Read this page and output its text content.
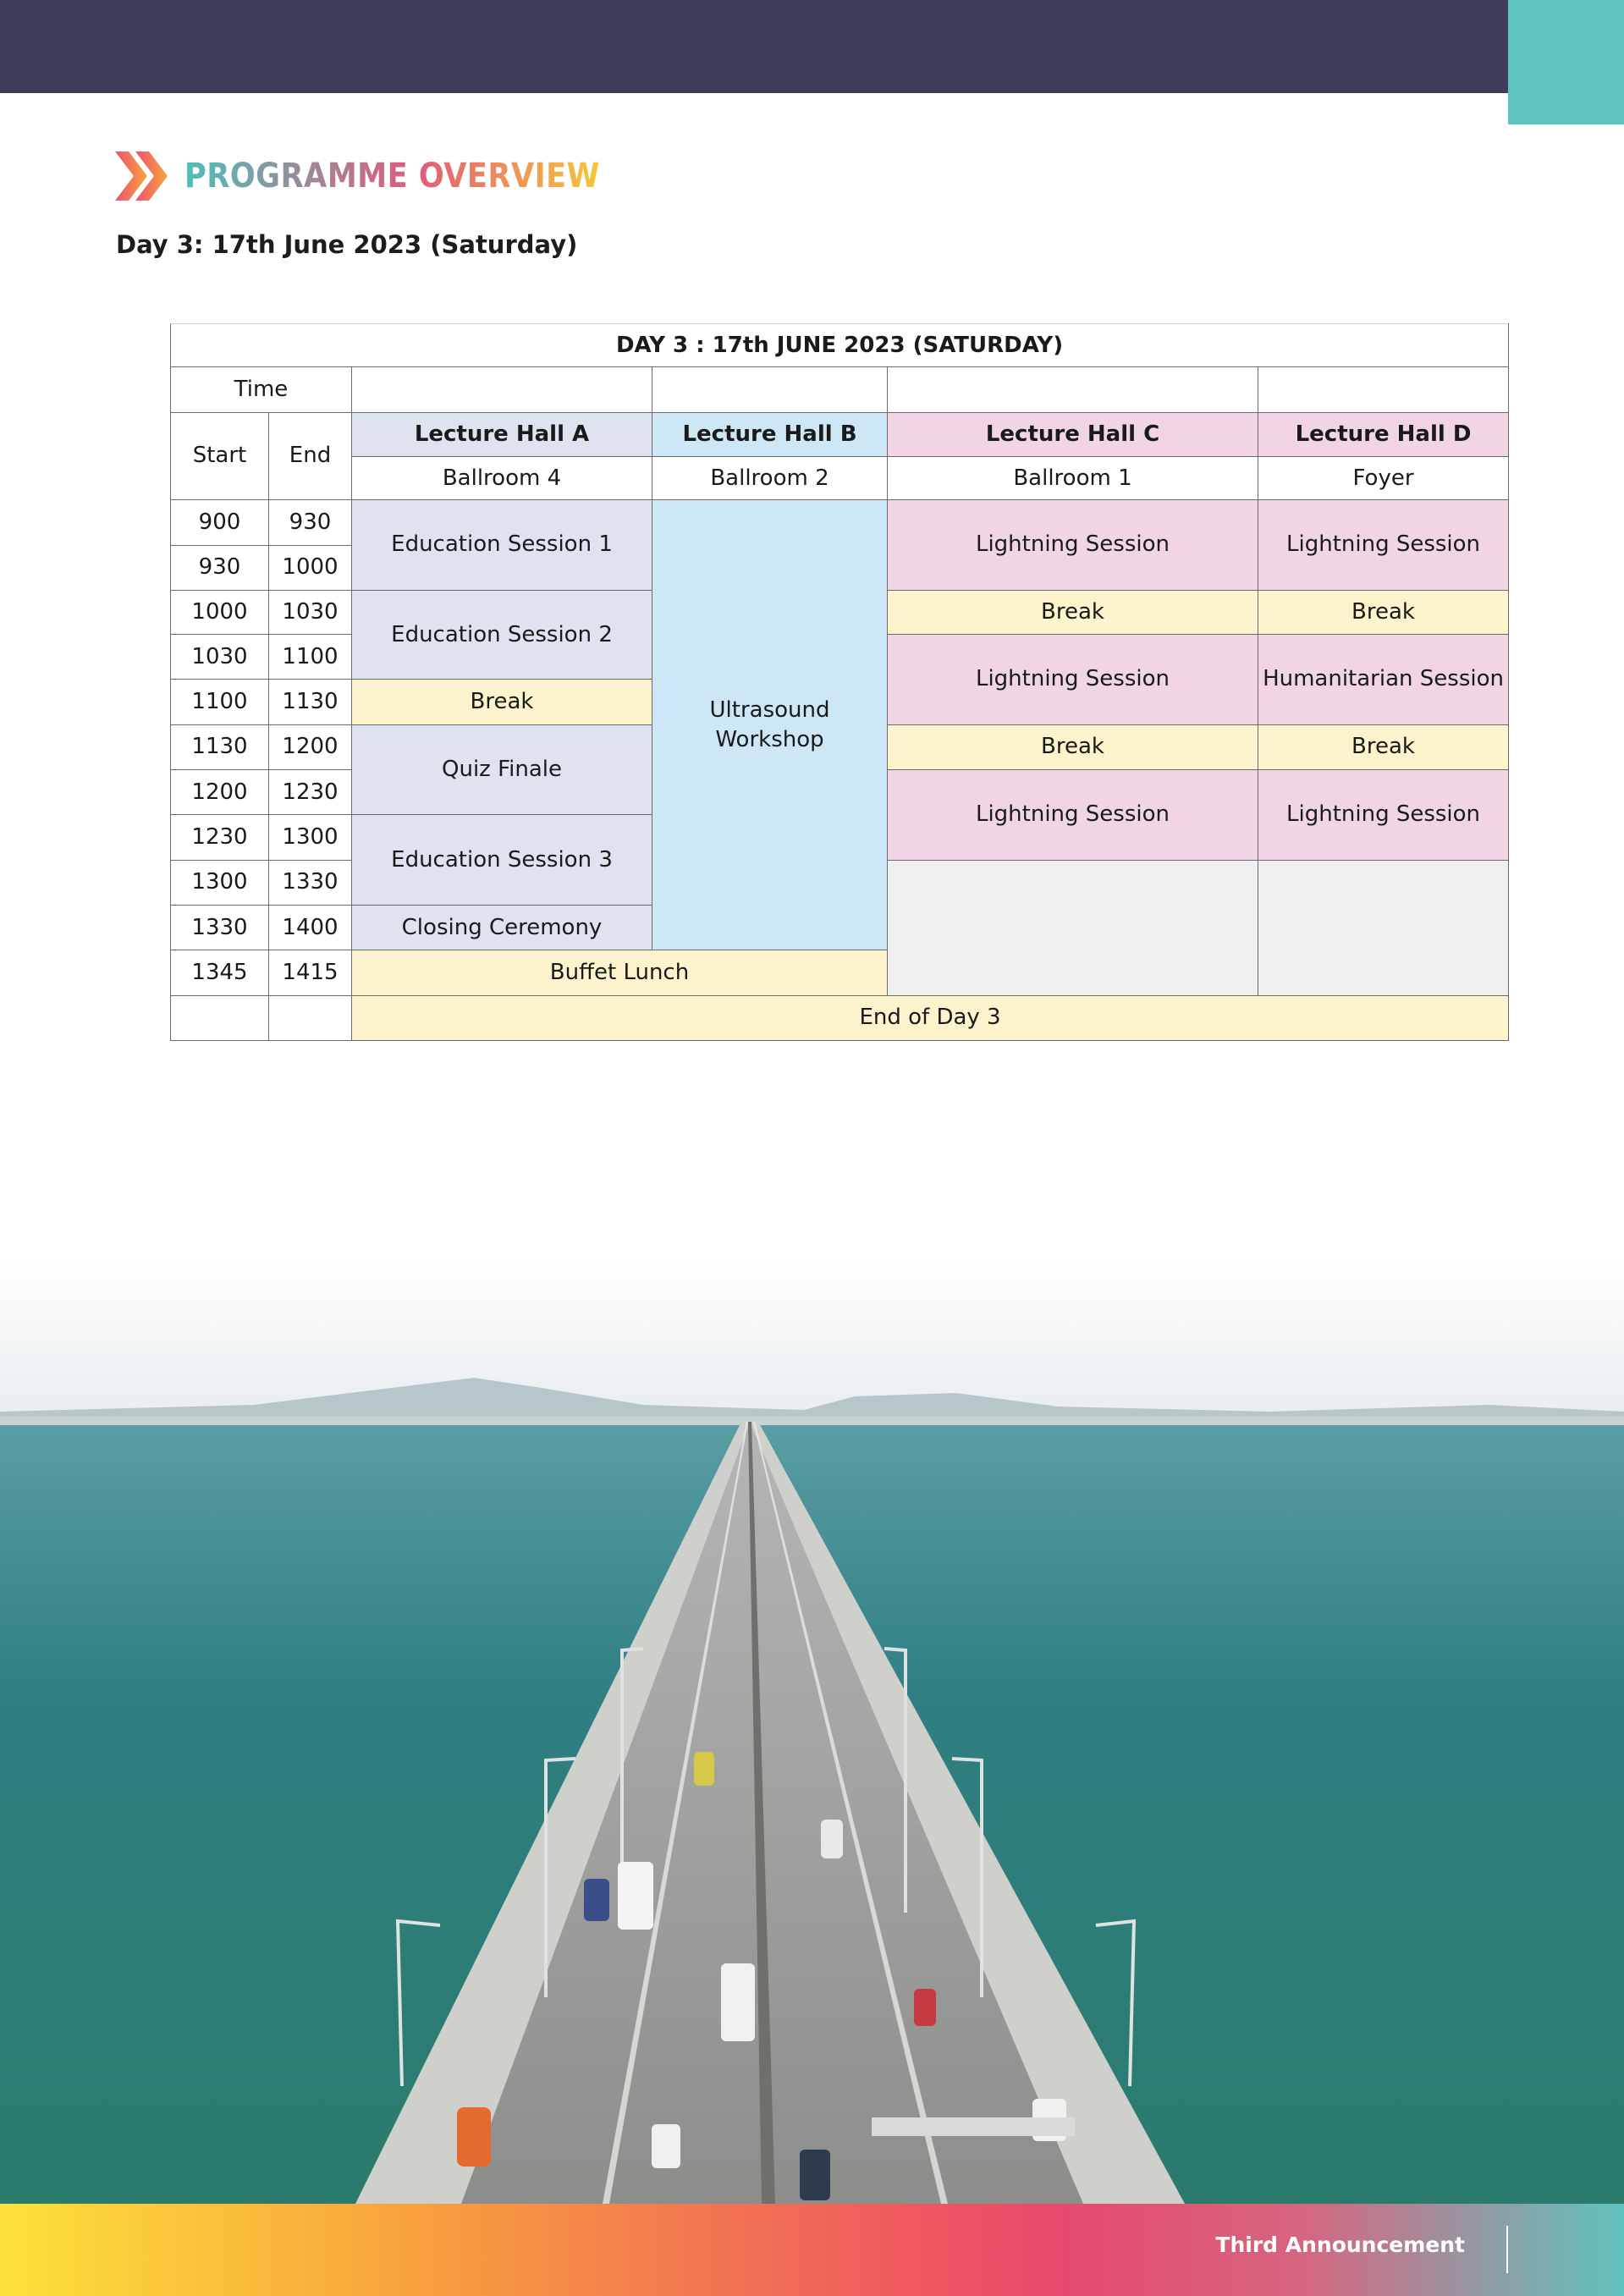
PROGRAMME OVERVIEW
Day 3: 17th June 2023 (Saturday)
DAY 3 : 17th JUNE 2023 (SATURDAY)					
Time					
Start	End	Lecture Hall A	Lecture Hall B	Lecture Hall C	Lecture Hall D
		Ballroom 4	Ballroom 2	Ballroom 1	Foyer
900	930	Education Session 1	Ultrasound Workshop	Lightning Session	Lightning Session
930	1000				
1000	1030	Education Session 2		Break	Break
1030	1100			Lightning Session	Humanitarian Session
1100	1130	Break			
1130	1200	Quiz Finale		Break	Break
1200	1230			Lightning Session	Lightning Session
1230	1300	Education Session 3			
1300	1330				
1330	1400	Closing Ceremony			
1345	1415	Buffet Lunch			
		End of Day 3			
Third Announcement
